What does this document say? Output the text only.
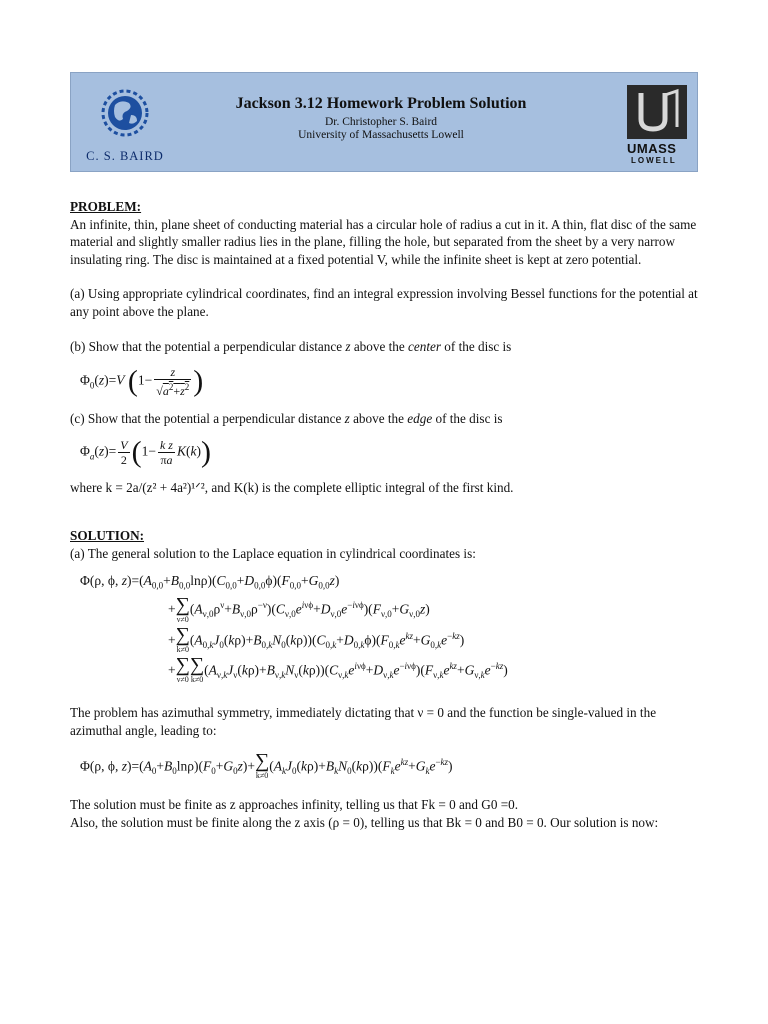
C. S. BAIRD
Jackson 3.12 Homework Problem Solution
Dr. Christopher S. Baird
University of Massachusetts Lowell
UMASS
LOWELL

PROBLEM:

An infinite, thin, plane sheet of conducting material has a circular hole of radius a cut in it. A thin, flat disc of the same material and slightly smaller radius lies in the plane, filling the hole, but separated from the sheet by a very narrow insulating ring. The disc is maintained at a fixed potential V, while the infinite sheet is kept at zero potential.

(a) Using appropriate cylindrical coordinates, find an integral expression involving Bessel functions for the potential at any point above the plane.

(b) Show that the potential a perpendicular distance z above the center of the disc is

$\Phi_0(z)=V$ ($1- \frac{z}{√a^2+z^2}$ )

(c) Show that the potential a perpendicular distance z above the edge of the disc is

$\Phi_a(z)= \frac{V}{2} (1- \frac{\text{k z}}{\pi a} K(k))$

where k = 2a/(z² + 4a²)¹ᐟ², and K(k) is the complete elliptic integral of the first kind.

SOLUTION:

(a) The general solution to the Laplace equation in cylindrical coordinates is:

Φ(ρ, ϕ, $z)=(A_{0,0}+B_{0,0}\ln\rho)(C_{0,0}+D_{0,0}\phi)(F_{0,0}+G_{0,0}z)$
+ ∑
ν≠0
$(A_{\nu,0}\rho^\nu+B_{\nu,0}\rho^{-\nu})(C_{\nu,0}e^{i\nu\phi}+D_{\nu,0}e^{-i\nu\phi})(F_{\nu,0}+G_{\nu,0}z)$
+ ∑
k≠0
$(A_{0,k}J_0(k\rho)+B_{0,k}N_0(k\rho))(C_{0,k}+D_{0,k}\phi)(F_{0,k}e^{kz}+G_{0,k}e^{-kz})$
+ ∑
ν≠0
∑
k≠0
$(A_{\nu,k}J_\nu(k\rho)+B_{\nu,k}N_\nu(k\rho))(C_{\nu,k}e^{i\nu\phi}+D_{\nu,k}e^{-i\nu\phi})(F_{\nu,k}e^{kz}+G_{\nu,k}e^{-kz})$

The problem has azimuthal symmetry, immediately dictating that ν = 0 and the function be single-valued in the azimuthal angle, leading to:

Φ(ρ, ϕ, $z)=(A_0+B_0\ln\rho)(F_0+G_0z)+$ ∑
k≠0
$(A_kJ_0(k\rho)+B_kN_0(k\rho))(F_ke^{kz}+G_ke^{-kz})$

The solution must be finite as z approaches infinity, telling us that Fk = 0 and G0 =0.

Also, the solution must be finite along the z axis (ρ = 0), telling us that Bk = 0 and B0 = 0. Our solution is now:
